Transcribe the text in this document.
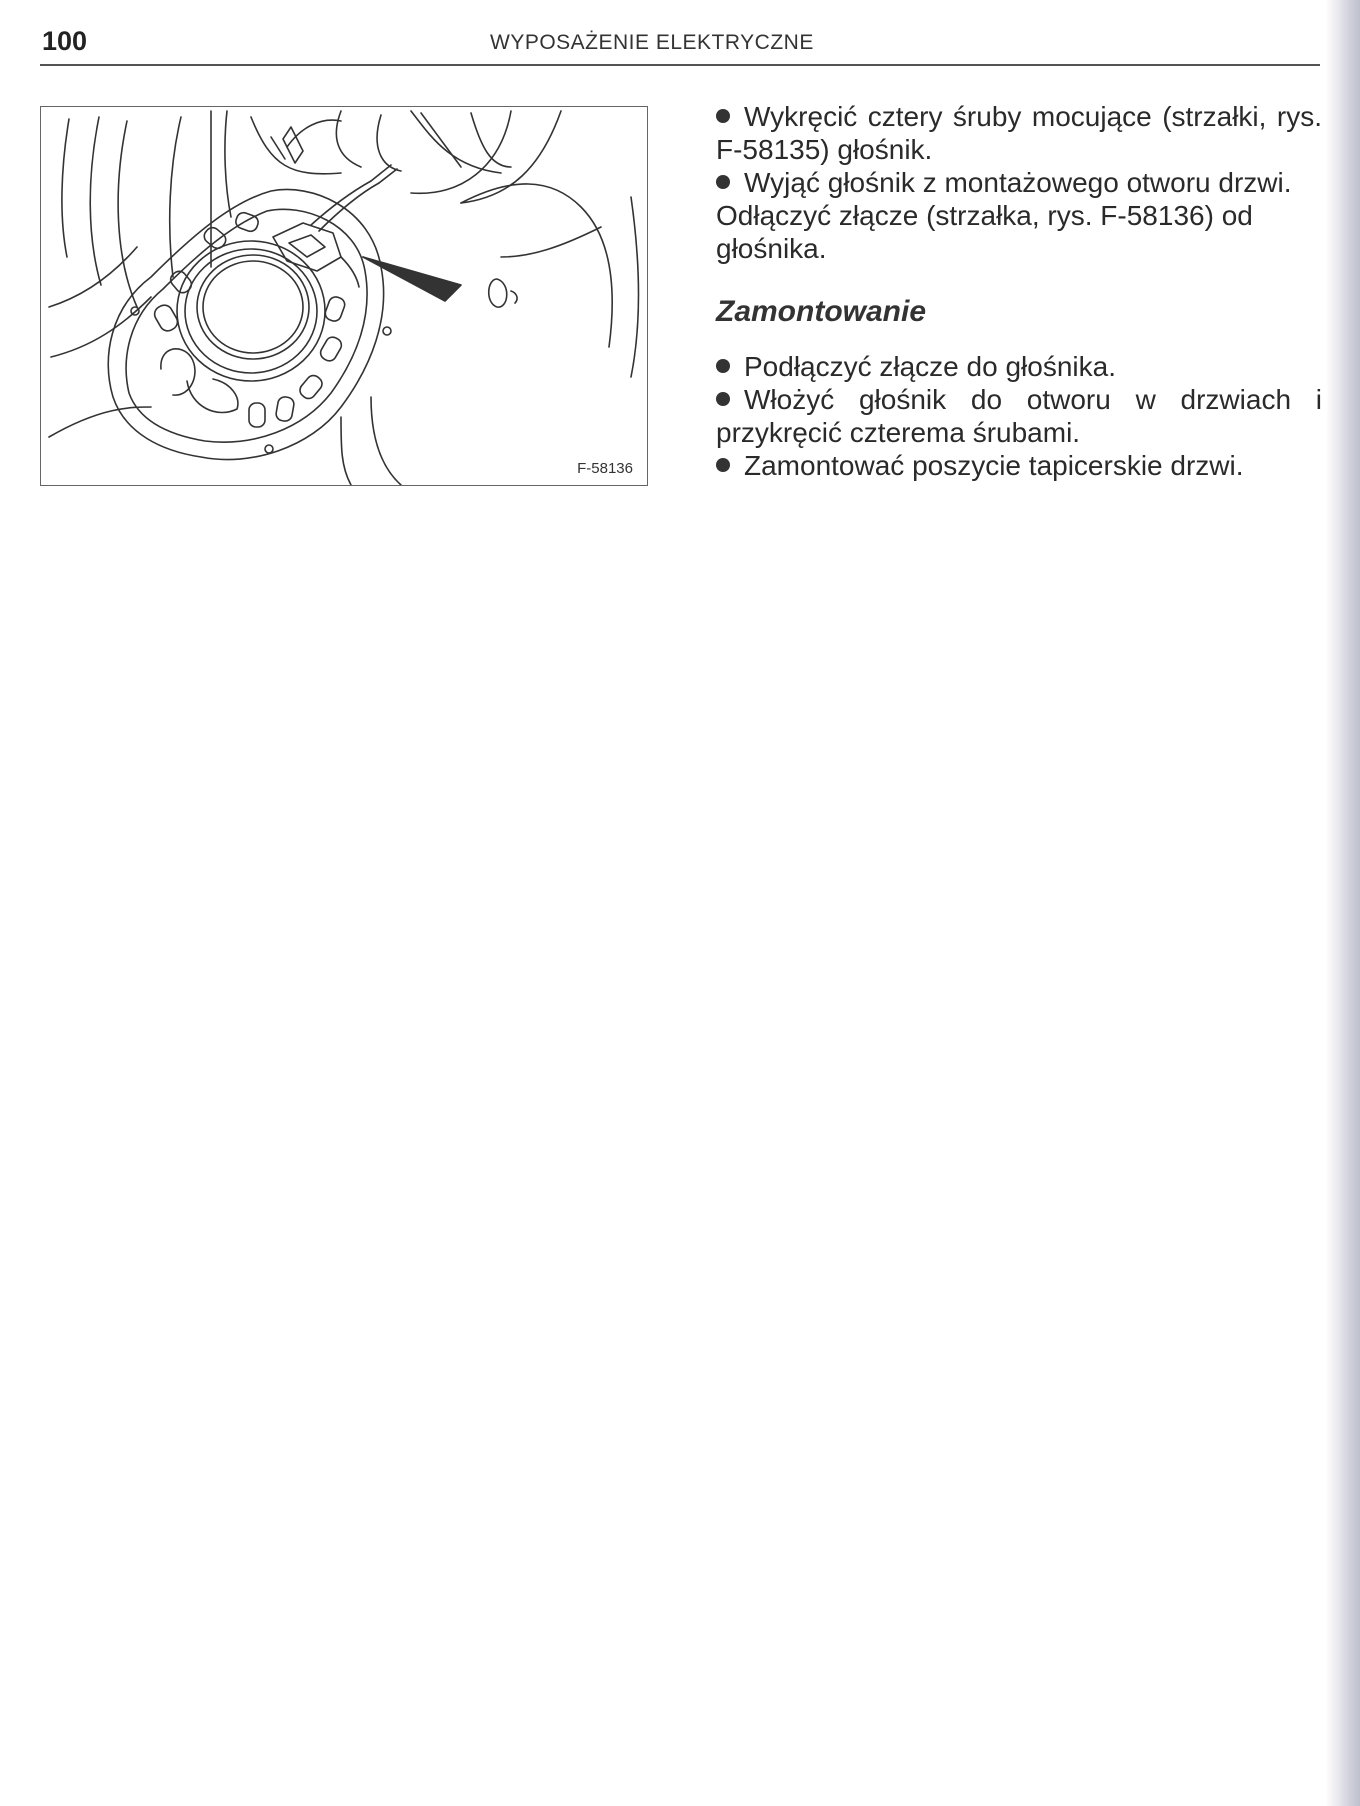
100	WYPOSAŻENIE ELEKTRYCZNE
F-58136

Wykręcić cztery śruby mocujące (strzałki, rys. F-58135) głośnik.

Wyjąć głośnik z montażowego otworu drzwi.

Odłączyć złącze (strzałka, rys. F-58136) od głośnika.

Zamontowanie

Podłączyć złącze do głośnika.

Włożyć głośnik do otworu w drzwiach i przykręcić czterema śrubami.

Zamontować poszycie tapicerskie drzwi.
